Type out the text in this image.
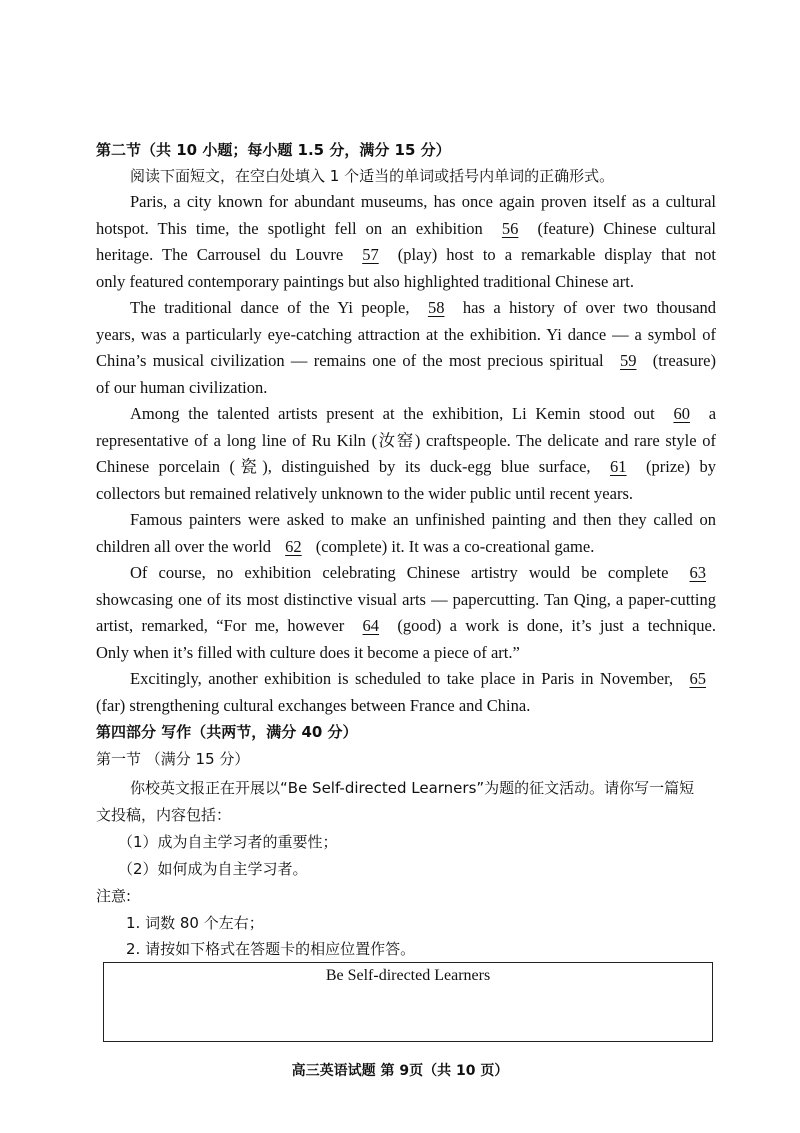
第二节（共 10 小题；每小题 1.5 分，满分 15 分）
阅读下面短文，在空白处填入 1 个适当的单词或括号内单词的正确形式。
Paris, a city known for abundant museums, has once again proven itself as a cultural
hotspot. This time, the spotlight fell on an exhibition 56 (feature) Chinese cultural
heritage. The Carrousel du Louvre 57 (play) host to a remarkable display that not
only featured contemporary paintings but also highlighted traditional Chinese art.
The traditional dance of the Yi people, 58 has a history of over two thousand
years, was a particularly eye-catching attraction at the exhibition. Yi dance — a symbol of
China’s musical civilization — remains one of the most precious spiritual 59 (treasure)
of our human civilization.
Among the talented artists present at the exhibition, Li Kemin stood out 60 a
representative of a long line of Ru Kiln (汝窑) craftspeople. The delicate and rare style of
Chinese porcelain (瓷), distinguished by its duck-egg blue surface, 61 (prize) by
collectors but remained relatively unknown to the wider public until recent years.
Famous painters were asked to make an unfinished painting and then they called on
children all over the world 62 (complete) it. It was a co-creational game.
Of course, no exhibition celebrating Chinese artistry would be complete 63
showcasing one of its most distinctive visual arts — papercutting. Tan Qing, a paper-cutting
artist, remarked, “For me, however 64 (good) a work is done, it’s just a technique.
Only when it’s filled with culture does it become a piece of art.”
Excitingly, another exhibition is scheduled to take place in Paris in November, 65
(far) strengthening cultural exchanges between France and China.
第四部分 写作（共两节，满分 40 分）
第一节 （满分 15 分）
你校英文报正在开展以“Be Self-directed Learners”为题的征文活动。请你写一篇短
文投稿，内容包括：
（1）成为自主学习者的重要性；
（2）如何成为自主学习者。
注意:
1. 词数 80 个左右；
2. 请按如下格式在答题卡的相应位置作答。
Be Self-directed Learners
高三英语试题 第 9页（共 10 页）
